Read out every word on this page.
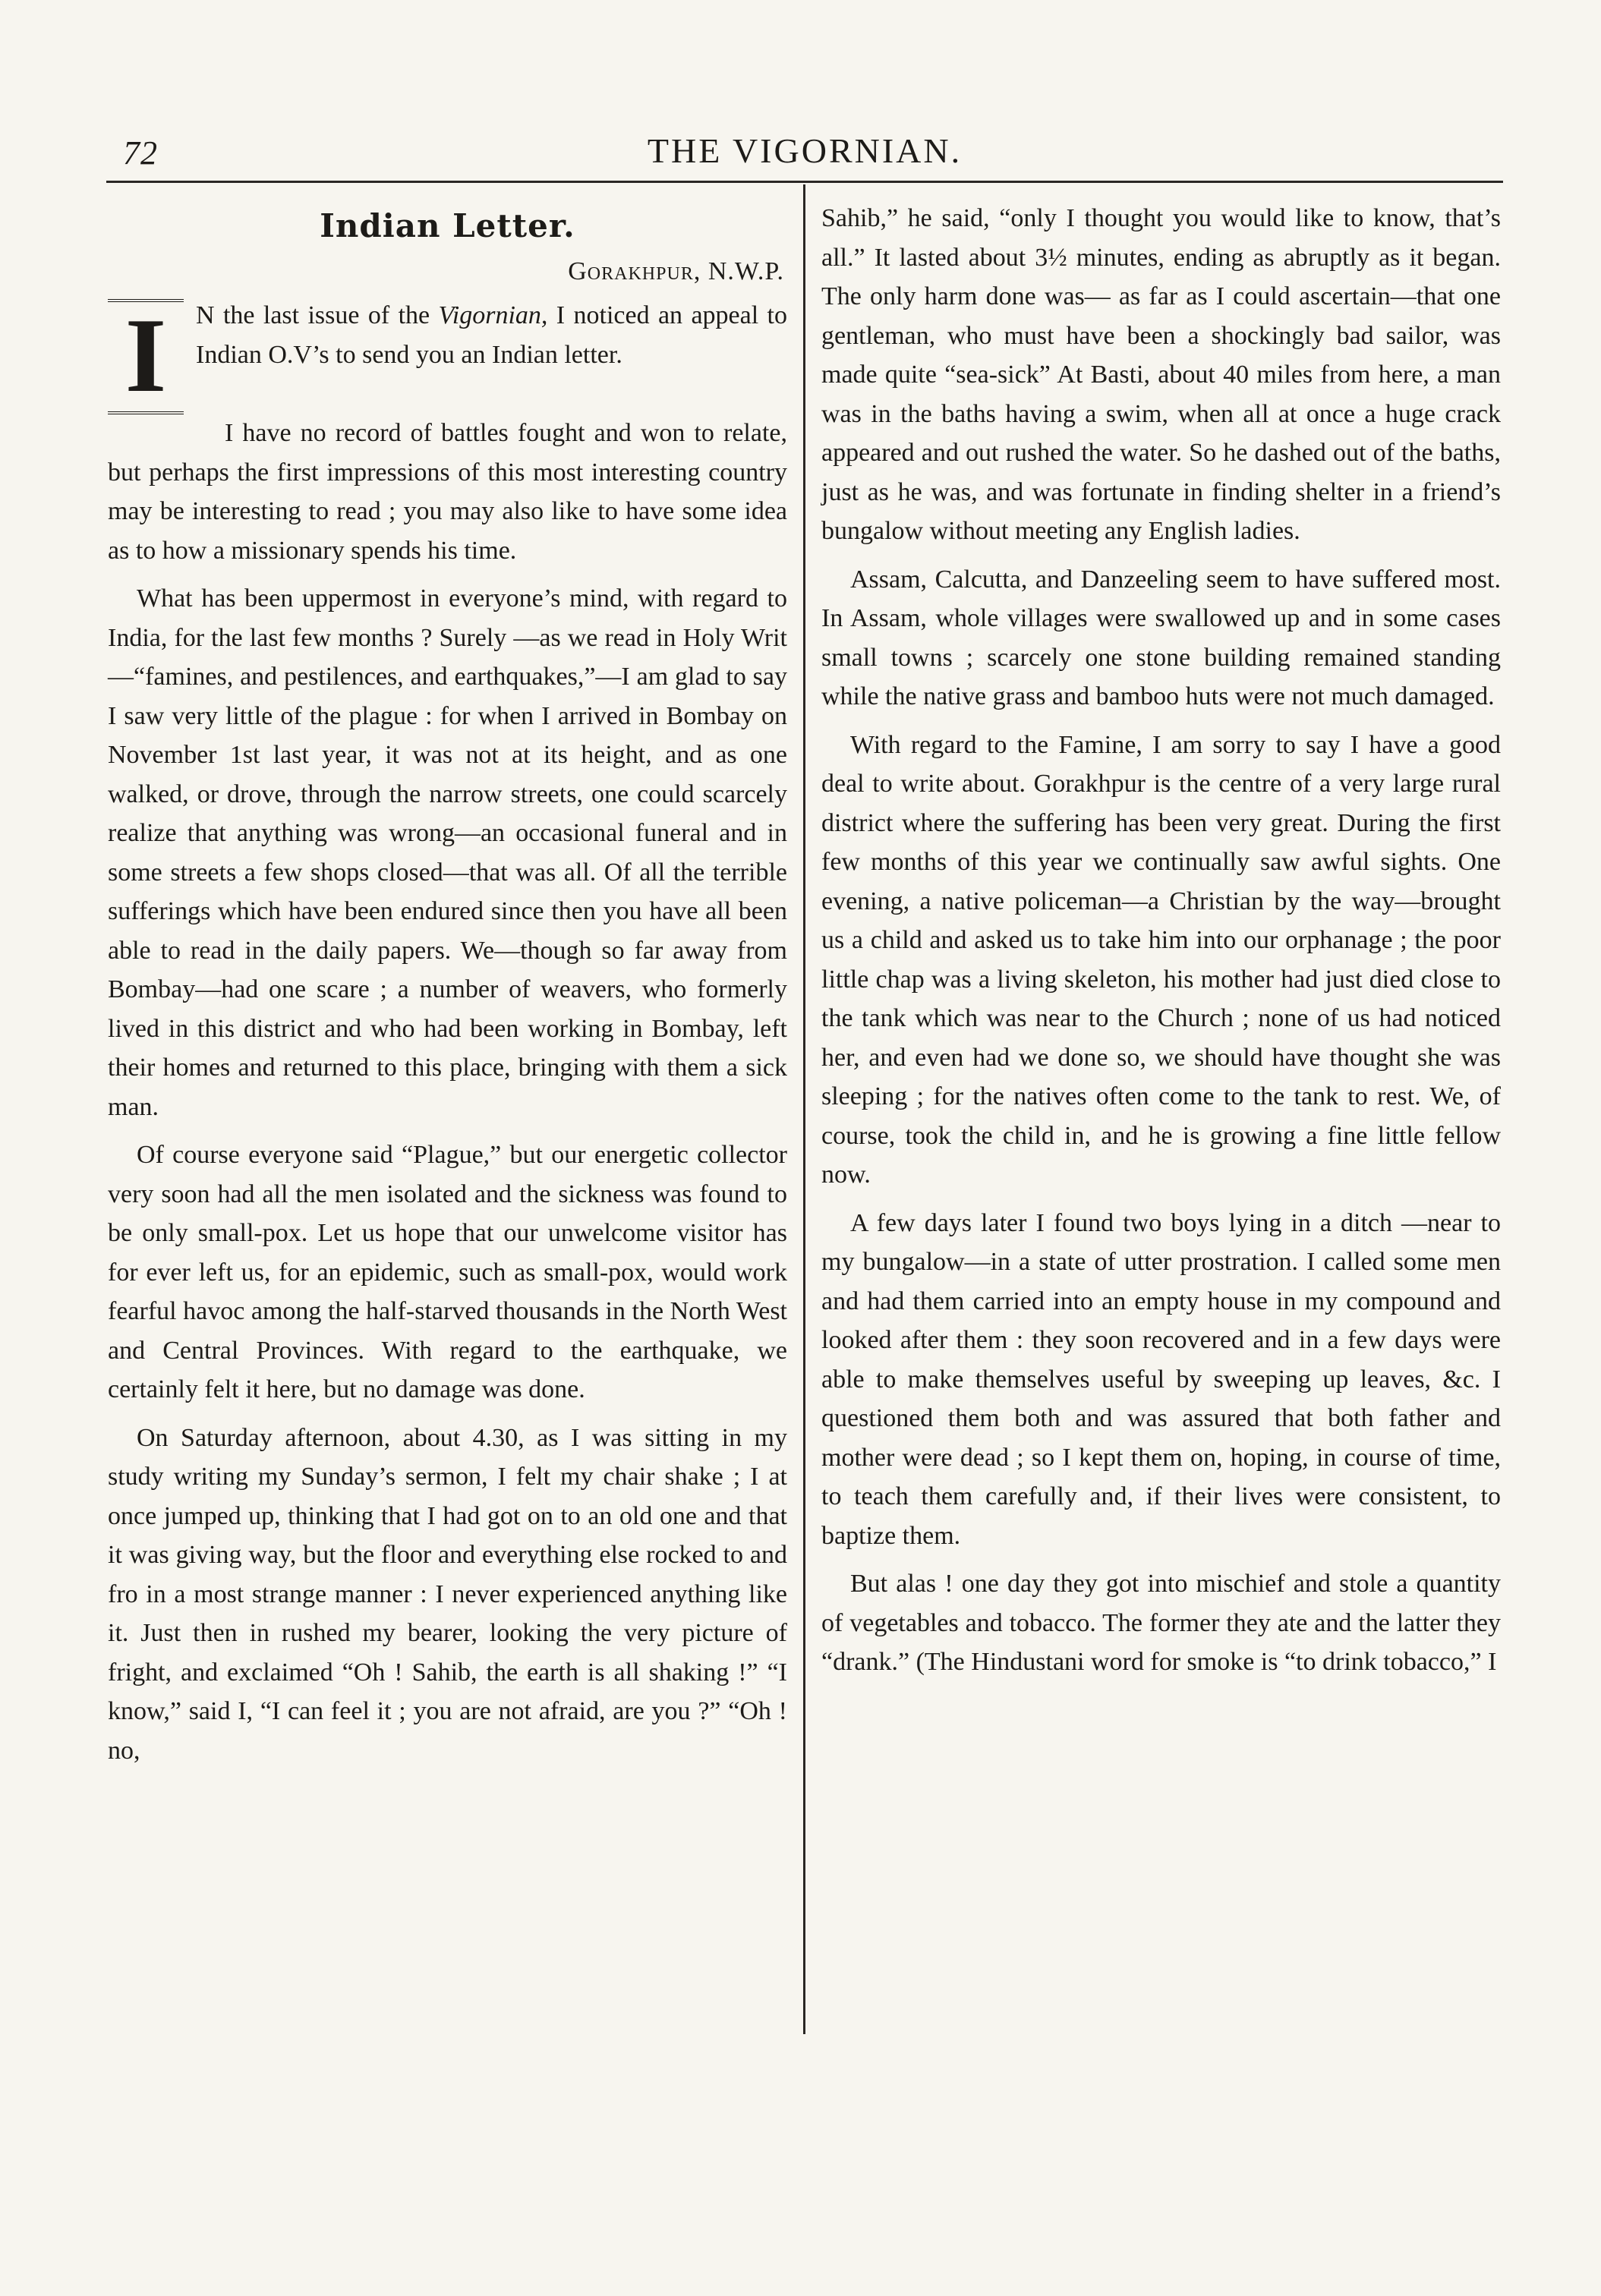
72	THE VIGORNIAN.
Indian Letter.
Gorakhpur, N.W.P.
I	N the last issue of the Vigornian, I noticed an appeal to Indian O.V’s to send you an Indian letter.

I have no record of battles fought and won to relate, but perhaps the first impressions of this most interesting country may be interesting to read ; you may also like to have some idea as to how a missionary spends his time.

What has been uppermost in everyone’s mind, with regard to India, for the last few months ? Surely —as we read in Holy Writ—“famines, and pestilences, and earthquakes,”—I am glad to say I saw very little of the plague : for when I arrived in Bombay on November 1st last year, it was not at its height, and as one walked, or drove, through the narrow streets, one could scarcely realize that anything was wrong—an occasional funeral and in some streets a few shops closed—that was all. Of all the terrible sufferings which have been endured since then you have all been able to read in the daily papers. We—though so far away from Bombay—had one scare ; a number of weavers, who formerly lived in this district and who had been working in Bombay, left their homes and returned to this place, bringing with them a sick man.

Of course everyone said “Plague,” but our energetic collector very soon had all the men isolated and the sickness was found to be only small-pox. Let us hope that our unwelcome visitor has for ever left us, for an epidemic, such as small-pox, would work fearful havoc among the half-starved thousands in the North West and Central Provinces. With regard to the earthquake, we certainly felt it here, but no damage was done.

On Saturday afternoon, about 4.30, as I was sitting in my study writing my Sunday’s sermon, I felt my chair shake ; I at once jumped up, thinking that I had got on to an old one and that it was giving way, but the floor and everything else rocked to and fro in a most strange manner : I never experienced anything like it. Just then in rushed my bearer, looking the very picture of fright, and exclaimed “Oh ! Sahib, the earth is all shaking !” “I know,” said I, “I can feel it ; you are not afraid, are you ?” “Oh ! no,

Sahib,” he said, “only I thought you would like to know, that’s all.” It lasted about 3½ minutes, ending as abruptly as it began. The only harm done was— as far as I could ascertain—that one gentleman, who must have been a shockingly bad sailor, was made quite “sea-sick” At Basti, about 40 miles from here, a man was in the baths having a swim, when all at once a huge crack appeared and out rushed the water. So he dashed out of the baths, just as he was, and was fortunate in finding shelter in a friend’s bungalow without meeting any English ladies.

Assam, Calcutta, and Danzeeling seem to have suffered most. In Assam, whole villages were swallowed up and in some cases small towns ; scarcely one stone building remained standing while the native grass and bamboo huts were not much damaged.

With regard to the Famine, I am sorry to say I have a good deal to write about. Gorakhpur is the centre of a very large rural district where the suffering has been very great. During the first few months of this year we continually saw awful sights. One evening, a native policeman—a Christian by the way—brought us a child and asked us to take him into our orphanage ; the poor little chap was a living skeleton, his mother had just died close to the tank which was near to the Church ; none of us had noticed her, and even had we done so, we should have thought she was sleeping ; for the natives often come to the tank to rest. We, of course, took the child in, and he is growing a fine little fellow now.

A few days later I found two boys lying in a ditch —near to my bungalow—in a state of utter prostration. I called some men and had them carried into an empty house in my compound and looked after them : they soon recovered and in a few days were able to make themselves useful by sweeping up leaves, &c. I questioned them both and was assured that both father and mother were dead ; so I kept them on, hoping, in course of time, to teach them carefully and, if their lives were consistent, to baptize them.

But alas ! one day they got into mischief and stole a quantity of vegetables and tobacco. The former they ate and the latter they “drank.” (The Hindustani word for smoke is “to drink tobacco,” I
